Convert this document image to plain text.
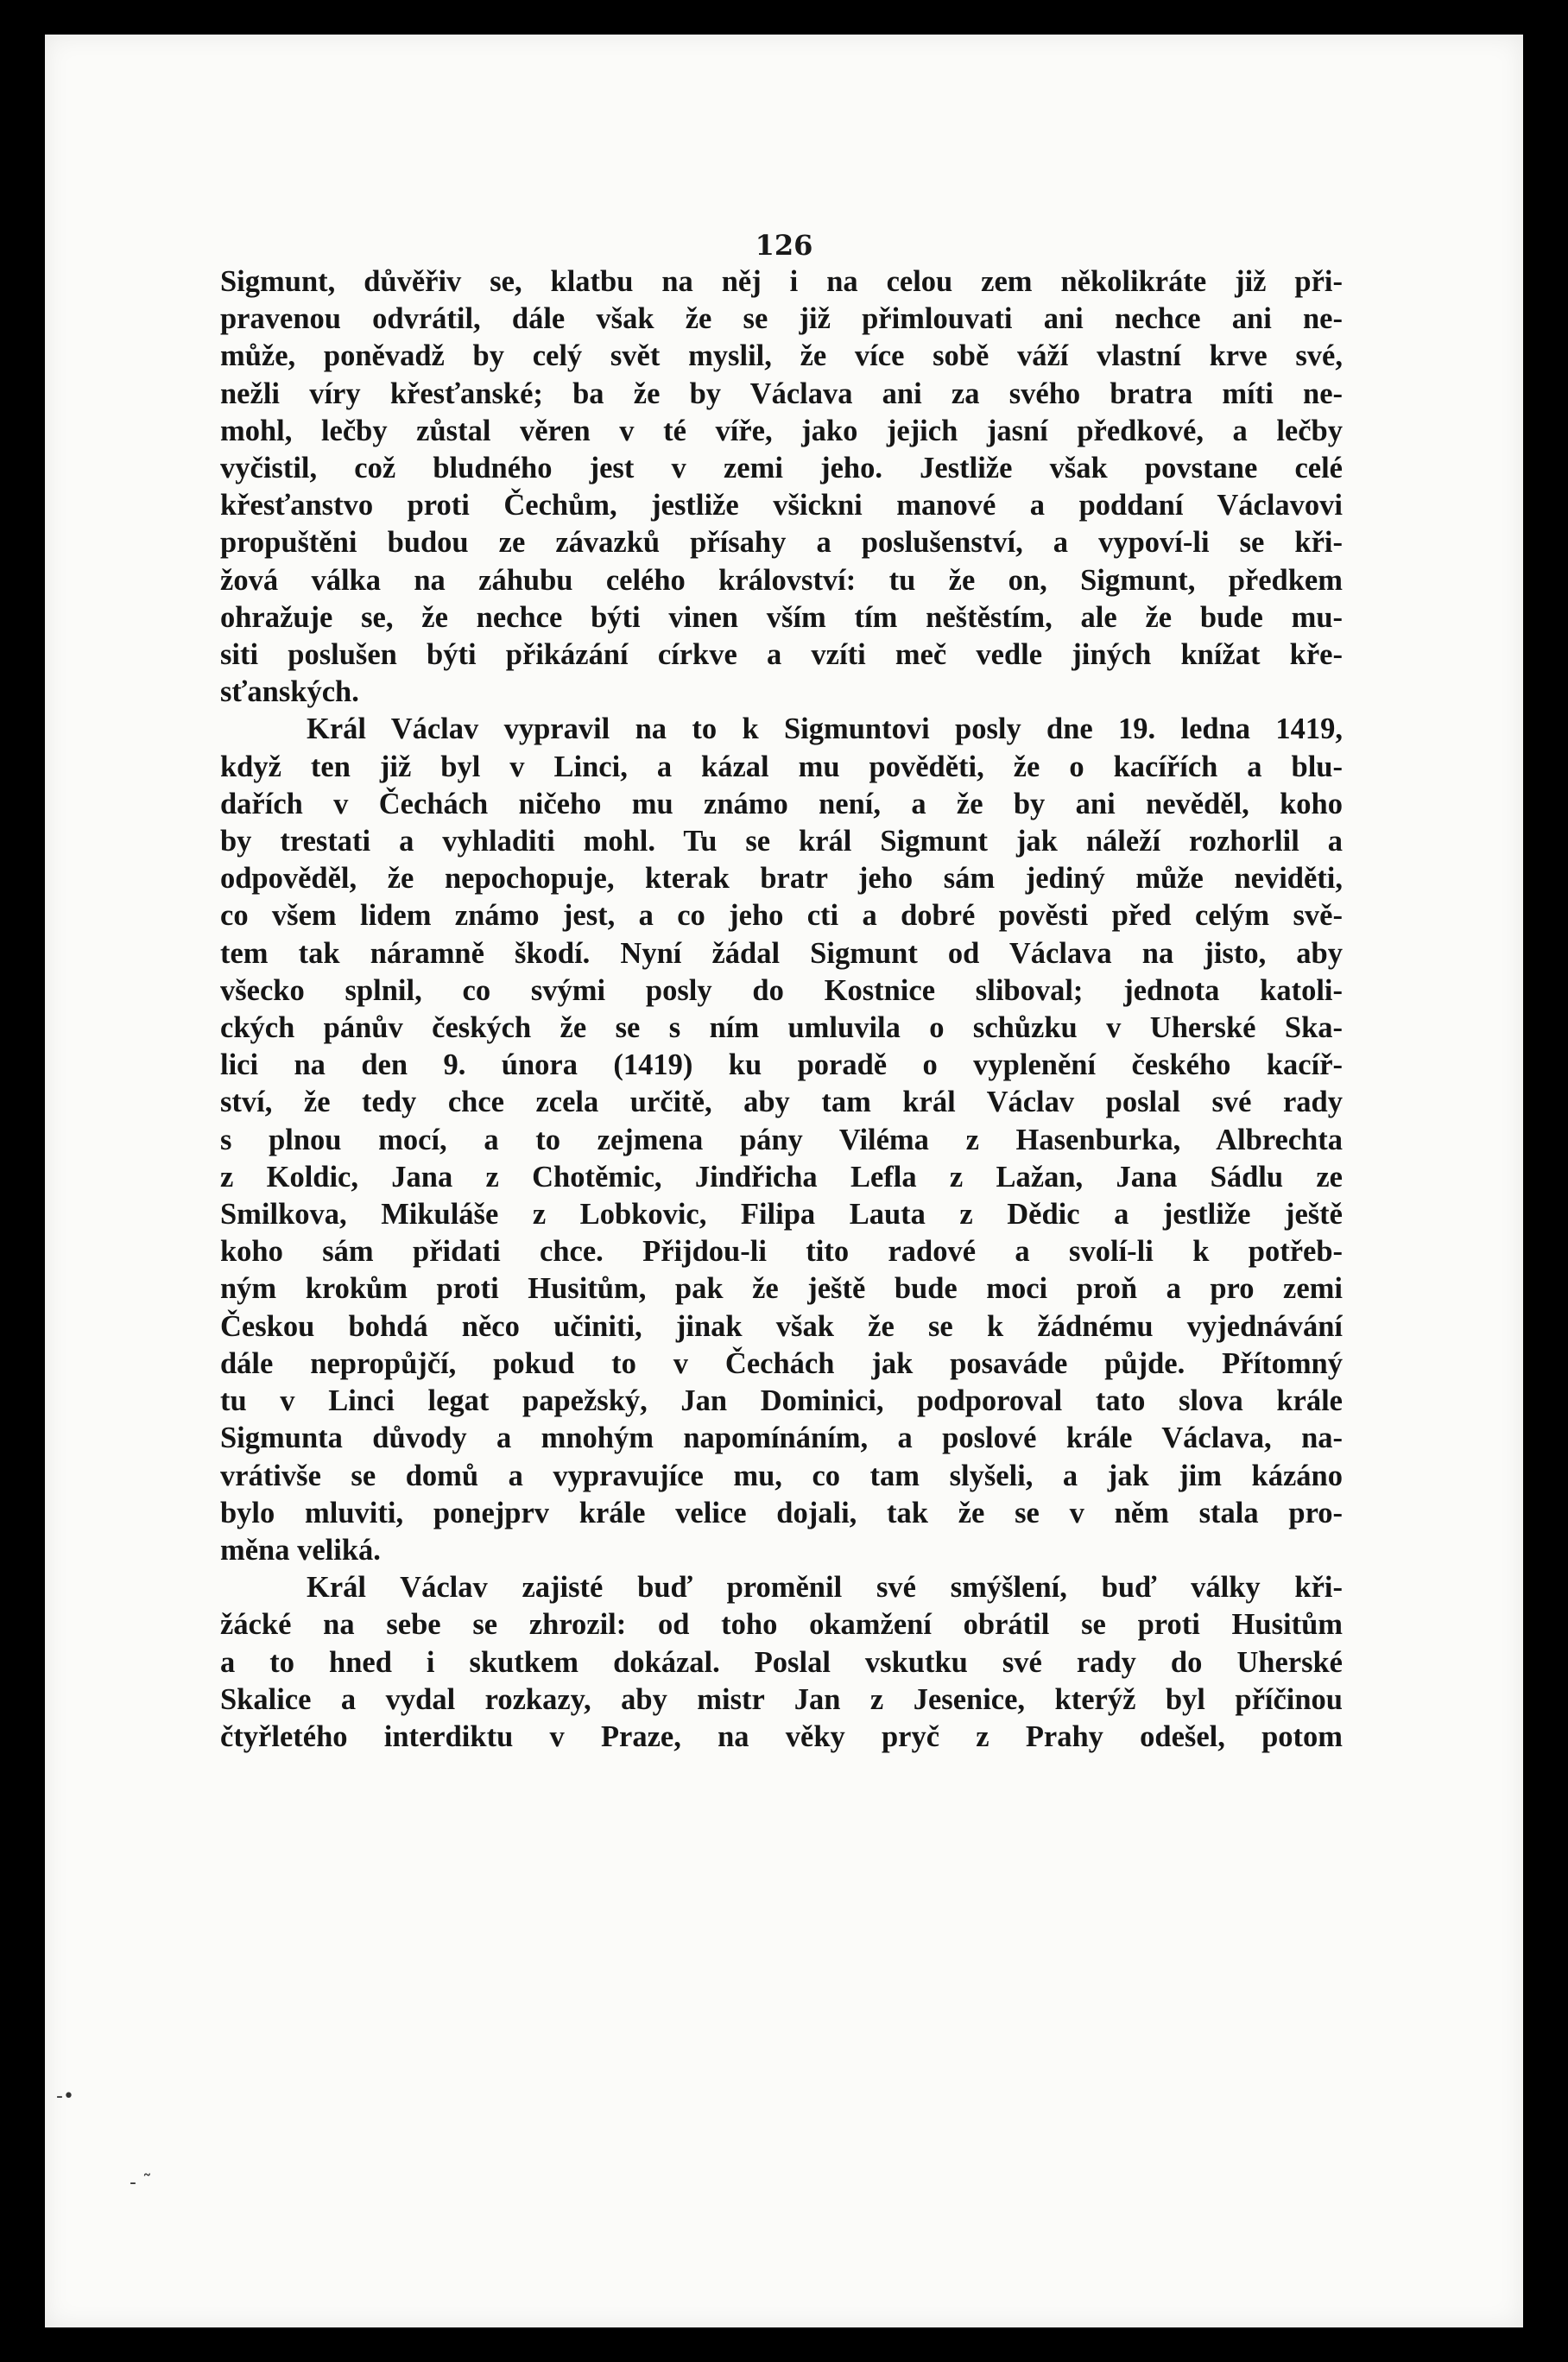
126
Sigmunt, důvěřiv se, klatbu na něj i na celou zem několikráte již při-
pravenou odvrátil, dále však že se již přimlouvati ani nechce ani ne-
může, poněvadž by celý svět myslil, že více sobě váží vlastní krve své,
nežli víry křesťanské; ba že by Václava ani za svého bratra míti ne-
mohl, lečby zůstal věren v té víře, jako jejich jasní předkové, a lečby
vyčistil, což bludného jest v zemi jeho. Jestliže však povstane celé
křesťanstvo proti Čechům, jestliže všickni manové a poddaní Václavovi
propuštěni budou ze závazků přísahy a poslušenství, a vypoví-li se kři-
žová válka na záhubu celého království: tu že on, Sigmunt, předkem
ohražuje se, že nechce býti vinen vším tím neštěstím, ale že bude mu-
siti poslušen býti přikázání církve a vzíti meč vedle jiných knížat kře-
sťanských.
Král Václav vypravil na to k Sigmuntovi posly dne 19. ledna 1419,
když ten již byl v Linci, a kázal mu pověděti, že o kacířích a blu-
dařích v Čechách ničeho mu známo není, a že by ani nevěděl, koho
by trestati a vyhladiti mohl. Tu se král Sigmunt jak náleží rozhorlil a
odpověděl, že nepochopuje, kterak bratr jeho sám jediný může neviděti,
co všem lidem známo jest, a co jeho cti a dobré pověsti před celým svě-
tem tak náramně škodí. Nyní žádal Sigmunt od Václava na jisto, aby
všecko splnil, co svými posly do Kostnice sliboval; jednota katoli-
ckých pánův českých že se s ním umluvila o schůzku v Uherské Ska-
lici na den 9. února (1419) ku poradě o vyplenění českého kacíř-
ství, že tedy chce zcela určitě, aby tam král Václav poslal své rady
s plnou mocí, a to zejmena pány Viléma z Hasenburka, Albrechta
z Koldic, Jana z Chotěmic, Jindřicha Lefla z Lažan, Jana Sádlu ze
Smilkova, Mikuláše z Lobkovic, Filipa Lauta z Dědic a jestliže ještě
koho sám přidati chce. Přijdou-li tito radové a svolí-li k potřeb-
ným krokům proti Husitům, pak že ještě bude moci proň a pro zemi
Českou bohdá něco učiniti, jinak však že se k žádnému vyjednávání
dále nepropůjčí, pokud to v Čechách jak posaváde půjde. Přítomný
tu v Linci legat papežský, Jan Dominici, podporoval tato slova krále
Sigmunta důvody a mnohým napomínáním, a poslové krále Václava, na-
vrátivše se domů a vypravujíce mu, co tam slyšeli, a jak jim kázáno
bylo mluviti, ponejprv krále velice dojali, tak že se v něm stala pro-
měna veliká.
Král Václav zajisté buď proměnil své smýšlení, buď války kři-
žácké na sebe se zhrozil: od toho okamžení obrátil se proti Husitům
a to hned i skutkem dokázal. Poslal vskutku své rady do Uherské
Skalice a vydal rozkazy, aby mistr Jan z Jesenice, kterýž byl příčinou
čtyřletého interdiktu v Praze, na věky pryč z Prahy odešel, potom
-•
- ˜
